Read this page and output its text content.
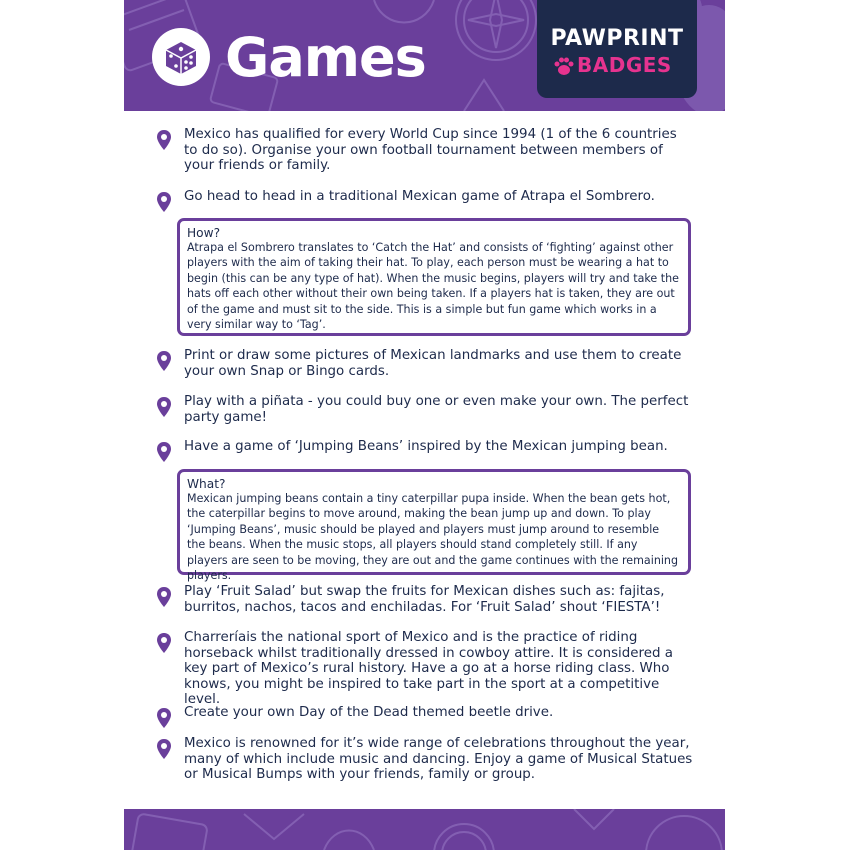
Games	PAWPRINT
BADGES
Mexico has qualified for every World Cup since 1994 (1 of the 6 countries to do so). Organise your own football tournament between members of your friends or family.
Go head to head in a traditional Mexican game of Atrapa el Sombrero.
How?
Atrapa el Sombrero translates to ‘Catch the Hat’ and consists of ‘fighting’ against other players with the aim of taking their hat. To play, each person must be wearing a hat to begin (this can be any type of hat). When the music begins, players will try and take the hats off each other without their own being taken. If a players hat is taken, they are out of the game and must sit to the side. This is a simple but fun game which works in a very similar way to ‘Tag’.
Print or draw some pictures of Mexican landmarks and use them to create your own Snap or Bingo cards.
Play with a piñata - you could buy one or even make your own. The perfect party game!
Have a game of ‘Jumping Beans’ inspired by the Mexican jumping bean.
What?
Mexican jumping beans contain a tiny caterpillar pupa inside. When the bean gets hot, the caterpillar begins to move around, making the bean jump up and down. To play ‘Jumping Beans’, music should be played and players must jump around to resemble the beans. When the music stops, all players should stand completely still. If any players are seen to be moving, they are out and the game continues with the remaining players.
Play ‘Fruit Salad’ but swap the fruits for Mexican dishes such as: fajitas, burritos, nachos, tacos and enchiladas. For ‘Fruit Salad’ shout ‘FIESTA’!
Charreríais the national sport of Mexico and is the practice of riding horseback whilst traditionally dressed in cowboy attire. It is considered a key part of Mexico’s rural history. Have a go at a horse riding class. Who knows, you might be inspired to take part in the sport at a competitive level.
Create your own Day of the Dead themed beetle drive.
Mexico is renowned for it’s wide range of celebrations throughout the year, many of which include music and dancing. Enjoy a game of Musical Statues or Musical Bumps with your friends, family or group.
